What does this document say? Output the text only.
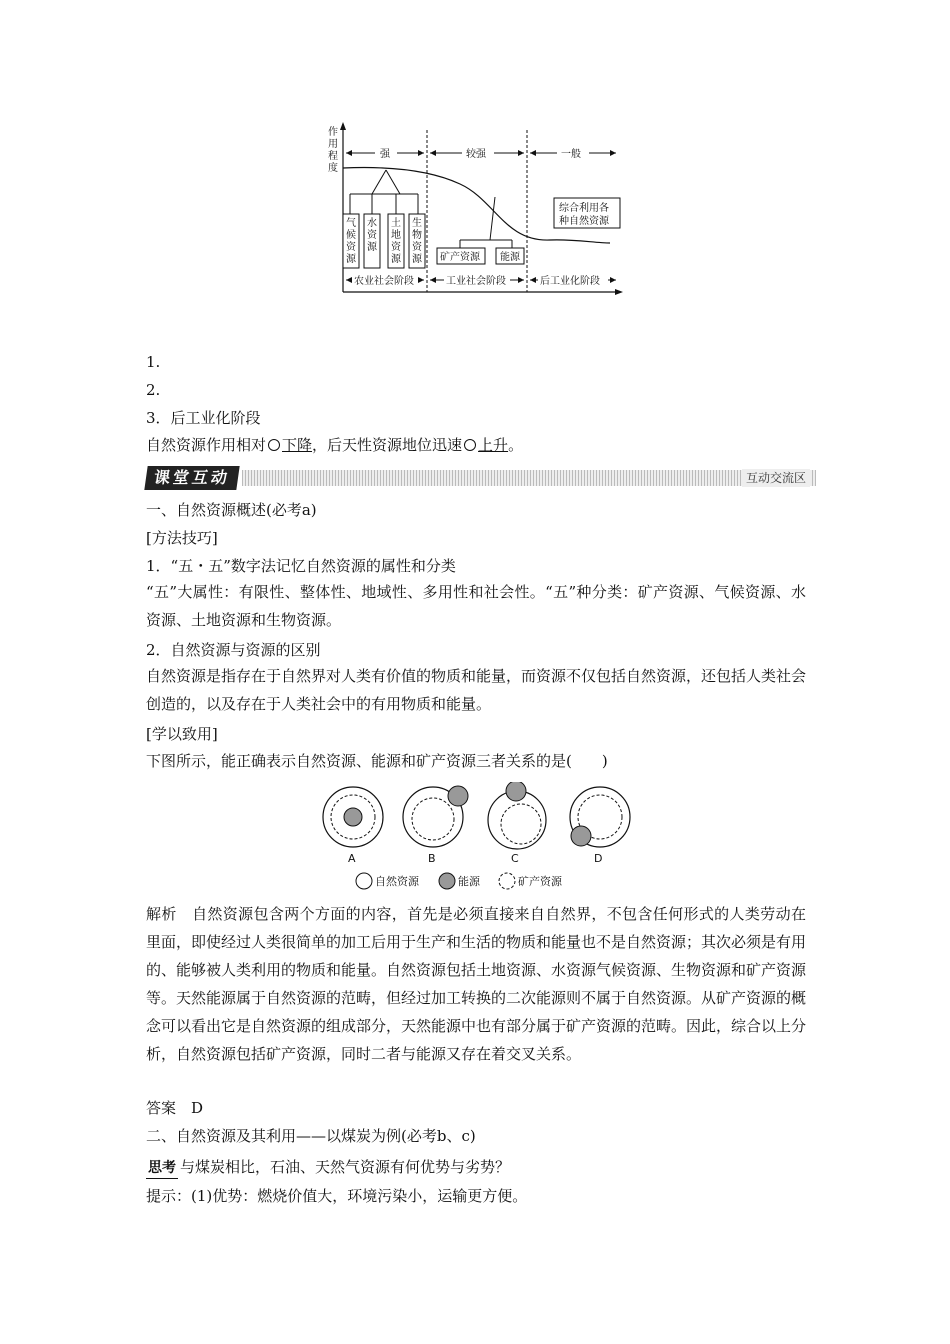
作
用
程
度
强	较强	一般
气
候
资
源
水
资
源
土
地
资
源
生
物
资
源 矿产资源 能源
综合利用各
种自然资源
农业社会阶段	工业社会阶段	后工业化阶段
1.
2.
3．后工业化阶段
自然资源作用相对 下降，后天性资源地位迅速 上升。
课堂互动	互动交流区
一、自然资源概述(必考a)
[方法技巧]
1．“五・五”数字法记忆自然资源的属性和分类
“五”大属性：有限性、整体性、地域性、多用性和社会性。“五”种分类：矿产资源、气候资源、水资源、土地资源和生物资源。
2．自然资源与资源的区别
自然资源是指存在于自然界对人类有价值的物质和能量，而资源不仅包括自然资源，还包括人类社会创造的，以及存在于人类社会中的有用物质和能量。
[学以致用]
下图所示，能正确表示自然资源、能源和矿产资源三者关系的是(　　)
A	B	C	D
自然资源	能源	矿产资源
解析　 自然资源包含两个方面的内容，首先是必须直接来自自然界，不包含任何形式的人类劳动在里面，即使经过人类很简单的加工后用于生产和生活的物质和能量也不是自然资源；其次必须是有用的、能够被人类利用的物质和能量。自然资源包括土地资源、水资源气候资源、生物资源和矿产资源等。天然能源属于自然资源的范畴，但经过加工转换的二次能源则不属于自然资源。从矿产资源的概念可以看出它是自然资源的组成部分，天然能源中也有部分属于矿产资源的范畴。因此，综合以上分析，自然资源包括矿产资源，同时二者与能源又存在着交叉关系。
答案　 D
二、自然资源及其利用——以煤炭为例(必考b、c)
思考 与煤炭相比，石油、天然气资源有何优势与劣势？
提示：(1)优势：燃烧价值大，环境污染小，运输更方便。
